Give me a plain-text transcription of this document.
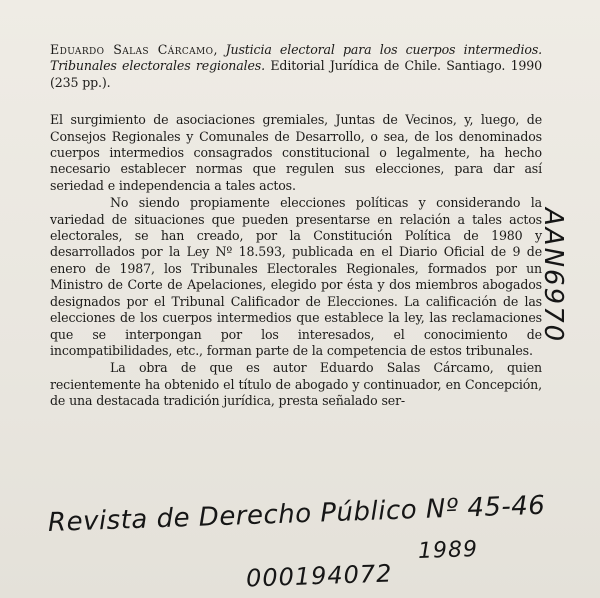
Eduardo Salas Cárcamo, Justicia electoral para los cuerpos intermedios. Tribunales electorales regionales. Editorial Jurídica de Chile. Santiago. 1990 (235 pp.).

El surgimiento de asociaciones gremiales, Juntas de Vecinos, y, luego, de Consejos Regionales y Comunales de Desarrollo, o sea, de los denominados cuerpos intermedios consagrados constitucional o legalmente, ha hecho necesario establecer normas que regulen sus elecciones, para dar así seriedad e independencia a tales actos.

No siendo propiamente elecciones políticas y considerando la variedad de situaciones que pueden presentarse en relación a tales actos electorales, se han creado, por la Constitución Política de 1980 y desarrollados por la Ley Nº 18.593, publicada en el Diario Oficial de 9 de enero de 1987, los Tribunales Electorales Regionales, formados por un Ministro de Corte de Apelaciones, elegido por ésta y dos miembros abogados designados por el Tribunal Calificador de Elecciones. La calificación de las elecciones de los cuerpos intermedios que establece la ley, las reclamaciones que se interpongan por los interesados, el conocimiento de incompatibilidades, etc., forman parte de la competencia de estos tribunales.

La obra de que es autor Eduardo Salas Cárcamo, quien recientemente ha obtenido el título de abogado y continuador, en Concepción, de una destacada tradición jurídica, presta señalado ser-

Revista de Derecho Público Nº 45-46
1989
000194072
AAN6970
